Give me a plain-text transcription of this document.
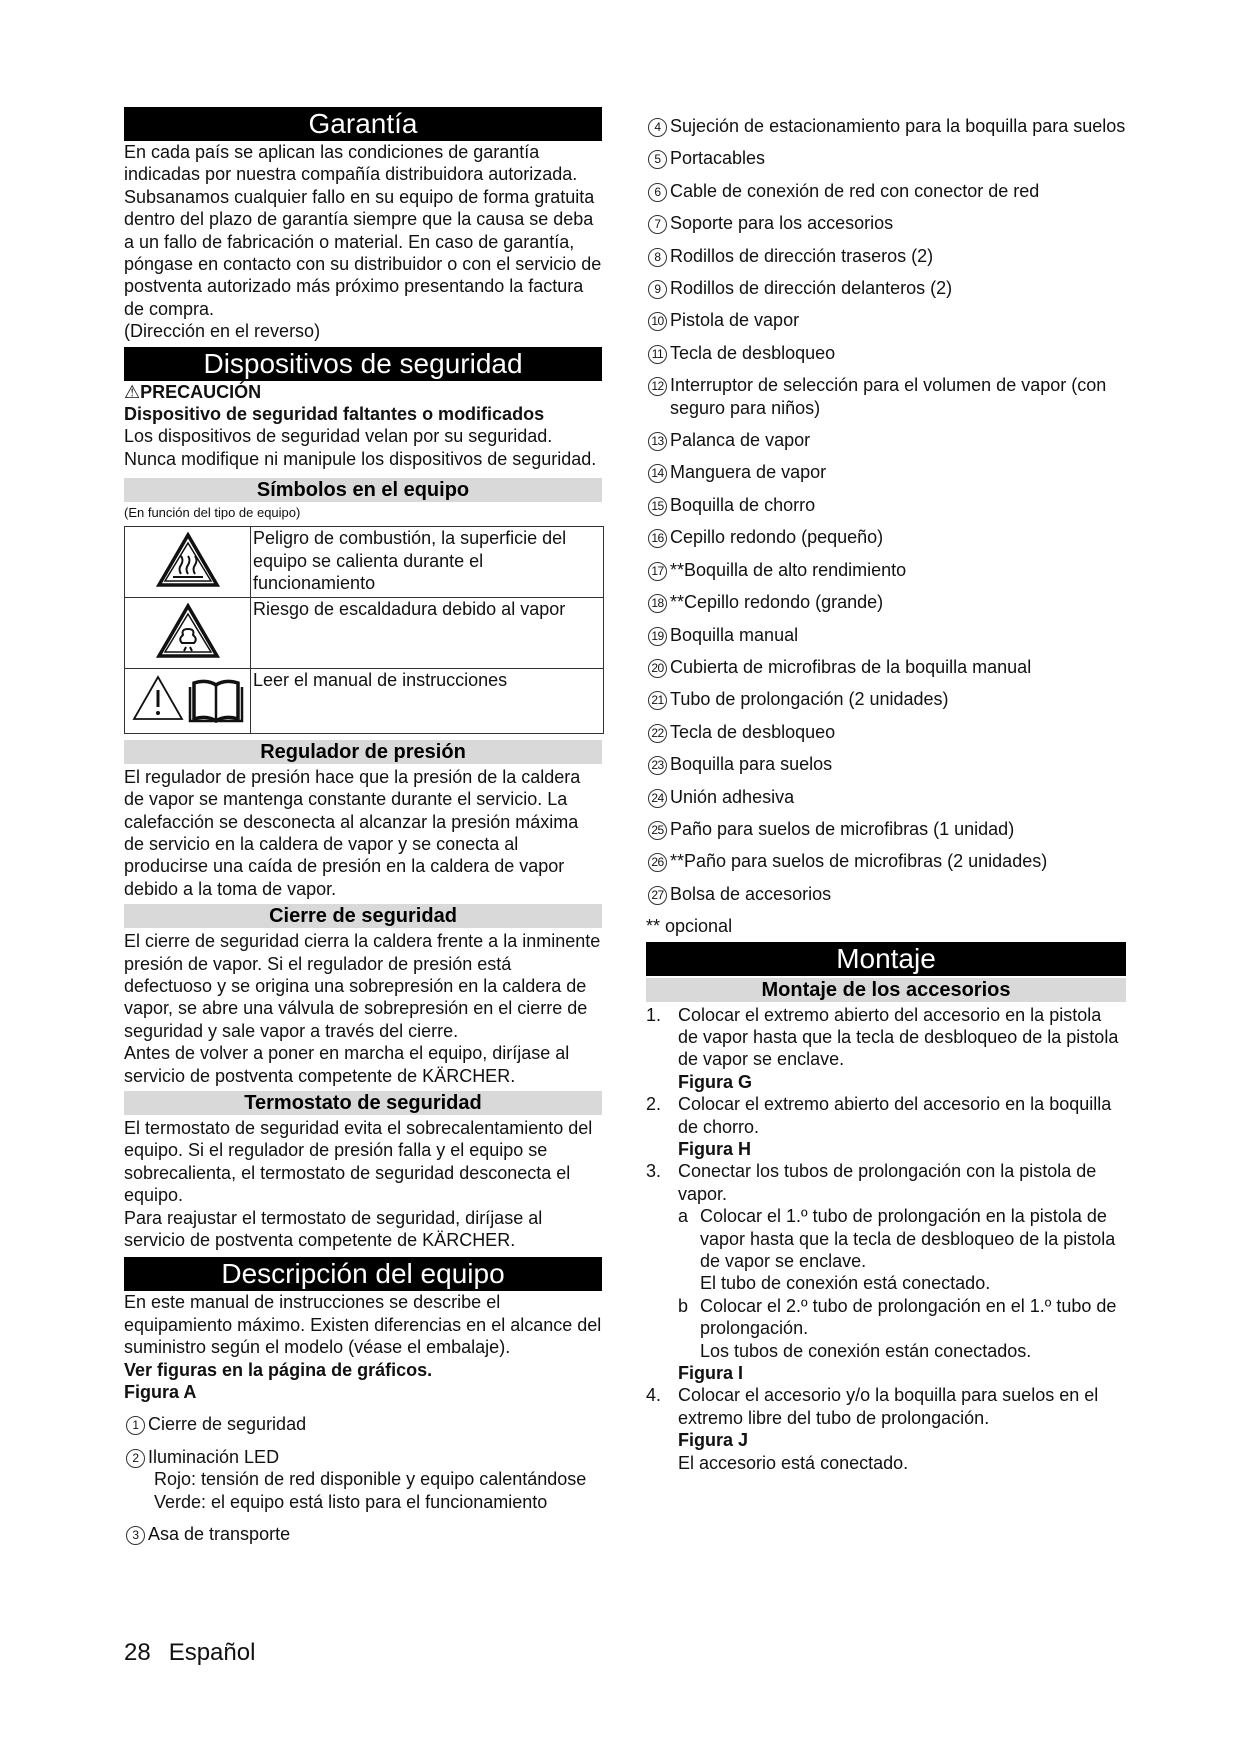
Garantía

En cada país se aplican las condiciones de garantía indicadas por nuestra compañía distribuidora autorizada. Subsanamos cualquier fallo en su equipo de forma gratuita dentro del plazo de garantía siempre que la causa se deba a un fallo de fabricación o material. En caso de garantía, póngase en contacto con su distribuidor o con el servicio de postventa autorizado más próximo presentando la factura de compra.

(Dirección en el reverso)

Dispositivos de seguridad

⚠PRECAUCIÓN

Dispositivo de seguridad faltantes o modificados

Los dispositivos de seguridad velan por su seguridad. Nunca modifique ni manipule los dispositivos de seguridad.

Símbolos en el equipo

(En función del tipo de equipo)

	Peligro de combustión, la superficie del equipo se calienta durante el funcionamiento
	Riesgo de escaldadura debido al vapor
	Leer el manual de instrucciones
Regulador de presión

El regulador de presión hace que la presión de la caldera de vapor se mantenga constante durante el servicio. La calefacción se desconecta al alcanzar la presión máxima de servicio en la caldera de vapor y se conecta al producirse una caída de presión en la caldera de vapor debido a la toma de vapor.

Cierre de seguridad

El cierre de seguridad cierra la caldera frente a la inminente presión de vapor. Si el regulador de presión está defectuoso y se origina una sobrepresión en la caldera de vapor, se abre una válvula de sobrepresión en el cierre de seguridad y sale vapor a través del cierre.

Antes de volver a poner en marcha el equipo, diríjase al servicio de postventa competente de KÄRCHER.

Termostato de seguridad

El termostato de seguridad evita el sobrecalentamiento del equipo. Si el regulador de presión falla y el equipo se sobrecalienta, el termostato de seguridad desconecta el equipo.

Para reajustar el termostato de seguridad, diríjase al servicio de postventa competente de KÄRCHER.

Descripción del equipo

En este manual de instrucciones se describe el equipamiento máximo. Existen diferencias en el alcance del suministro según el modelo (véase el embalaje).

Ver figuras en la página de gráficos.

Figura A

1 Cierre de seguridad
2 Iluminación LED
Rojo: tensión de red disponible y equipo calentándose
Verde: el equipo está listo para el funcionamiento
3 Asa de transporte
4 Sujeción de estacionamiento para la boquilla para suelos
5 Portacables
6 Cable de conexión de red con conector de red
7 Soporte para los accesorios
8 Rodillos de dirección traseros (2)
9 Rodillos de dirección delanteros (2)
10 Pistola de vapor
11 Tecla de desbloqueo
12 Interruptor de selección para el volumen de vapor (con seguro para niños)
13 Palanca de vapor
14 Manguera de vapor
15 Boquilla de chorro
16 Cepillo redondo (pequeño)
17 **Boquilla de alto rendimiento
18 **Cepillo redondo (grande)
19 Boquilla manual
20 Cubierta de microfibras de la boquilla manual
21 Tubo de prolongación (2 unidades)
22 Tecla de desbloqueo
23 Boquilla para suelos
24 Unión adhesiva
25 Paño para suelos de microfibras (1 unidad)
26 **Paño para suelos de microfibras (2 unidades)
27 Bolsa de accesorios

** opcional

Montaje
Montaje de los accesorios
1. Colocar el extremo abierto del accesorio en la pistola de vapor hasta que la tecla de desbloqueo de la pistola de vapor se enclave.
Figura G
2. Colocar el extremo abierto del accesorio en la boquilla de chorro.
Figura H
3. Conectar los tubos de prolongación con la pistola de vapor.
a Colocar el 1.º tubo de prolongación en la pistola de vapor hasta que la tecla de desbloqueo de la pistola de vapor se enclave.
El tubo de conexión está conectado.
b Colocar el 2.º tubo de prolongación en el 1.º tubo de prolongación.
Los tubos de conexión están conectados.
Figura I
4. Colocar el accesorio y/o la boquilla para suelos en el extremo libre del tubo de prolongación.
Figura J
El accesorio está conectado.
28 Español
